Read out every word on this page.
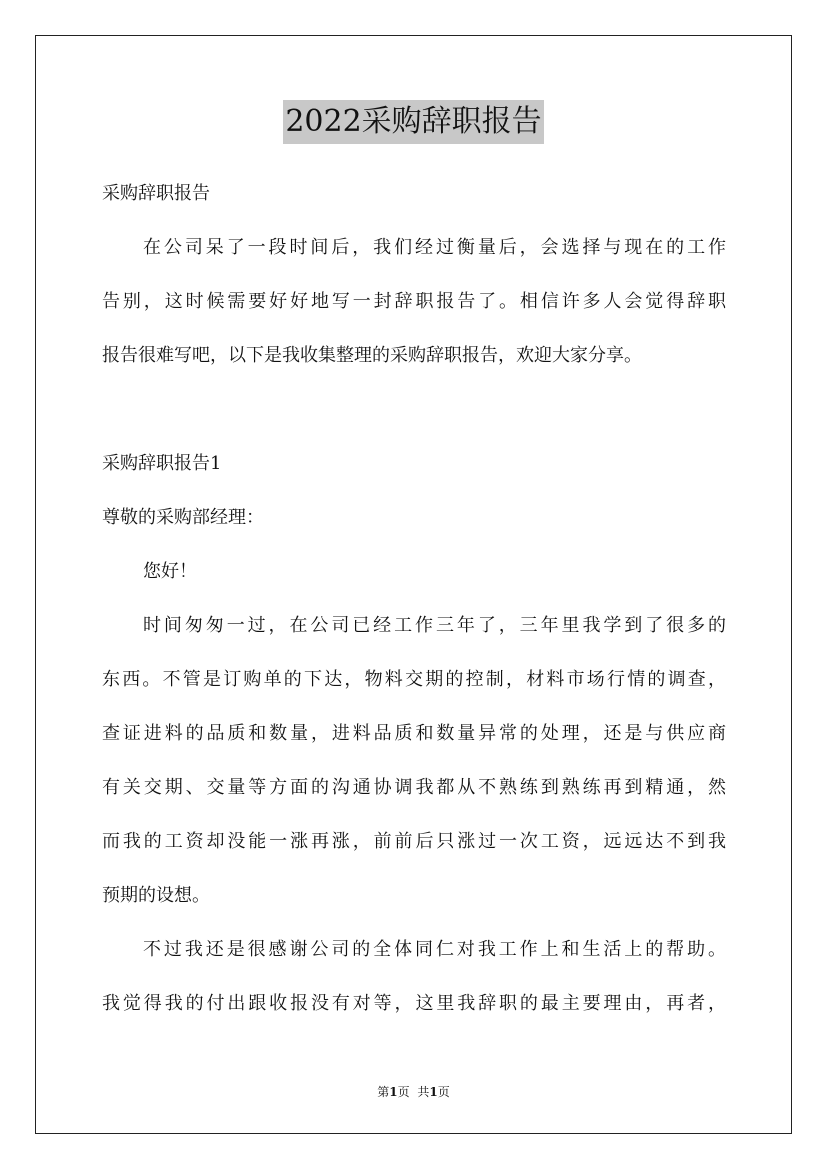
2022采购辞职报告
采购辞职报告
在公司呆了一段时间后，我们经过衡量后，会选择与现在的工作
告别，这时候需要好好地写一封辞职报告了。相信许多人会觉得辞职
报告很难写吧，以下是我收集整理的采购辞职报告，欢迎大家分享。
采购辞职报告1
尊敬的采购部经理：
您好！
时间匆匆一过，在公司已经工作三年了，三年里我学到了很多的
东西。不管是订购单的下达，物料交期的控制，材料市场行情的调查，
查证进料的品质和数量，进料品质和数量异常的处理，还是与供应商
有关交期、交量等方面的沟通协调我都从不熟练到熟练再到精通，然
而我的工资却没能一涨再涨，前前后只涨过一次工资，远远达不到我
预期的设想。
不过我还是很感谢公司的全体同仁对我工作上和生活上的帮助。
我觉得我的付出跟收报没有对等，这里我辞职的最主要理由，再者，
第1页 共1页
